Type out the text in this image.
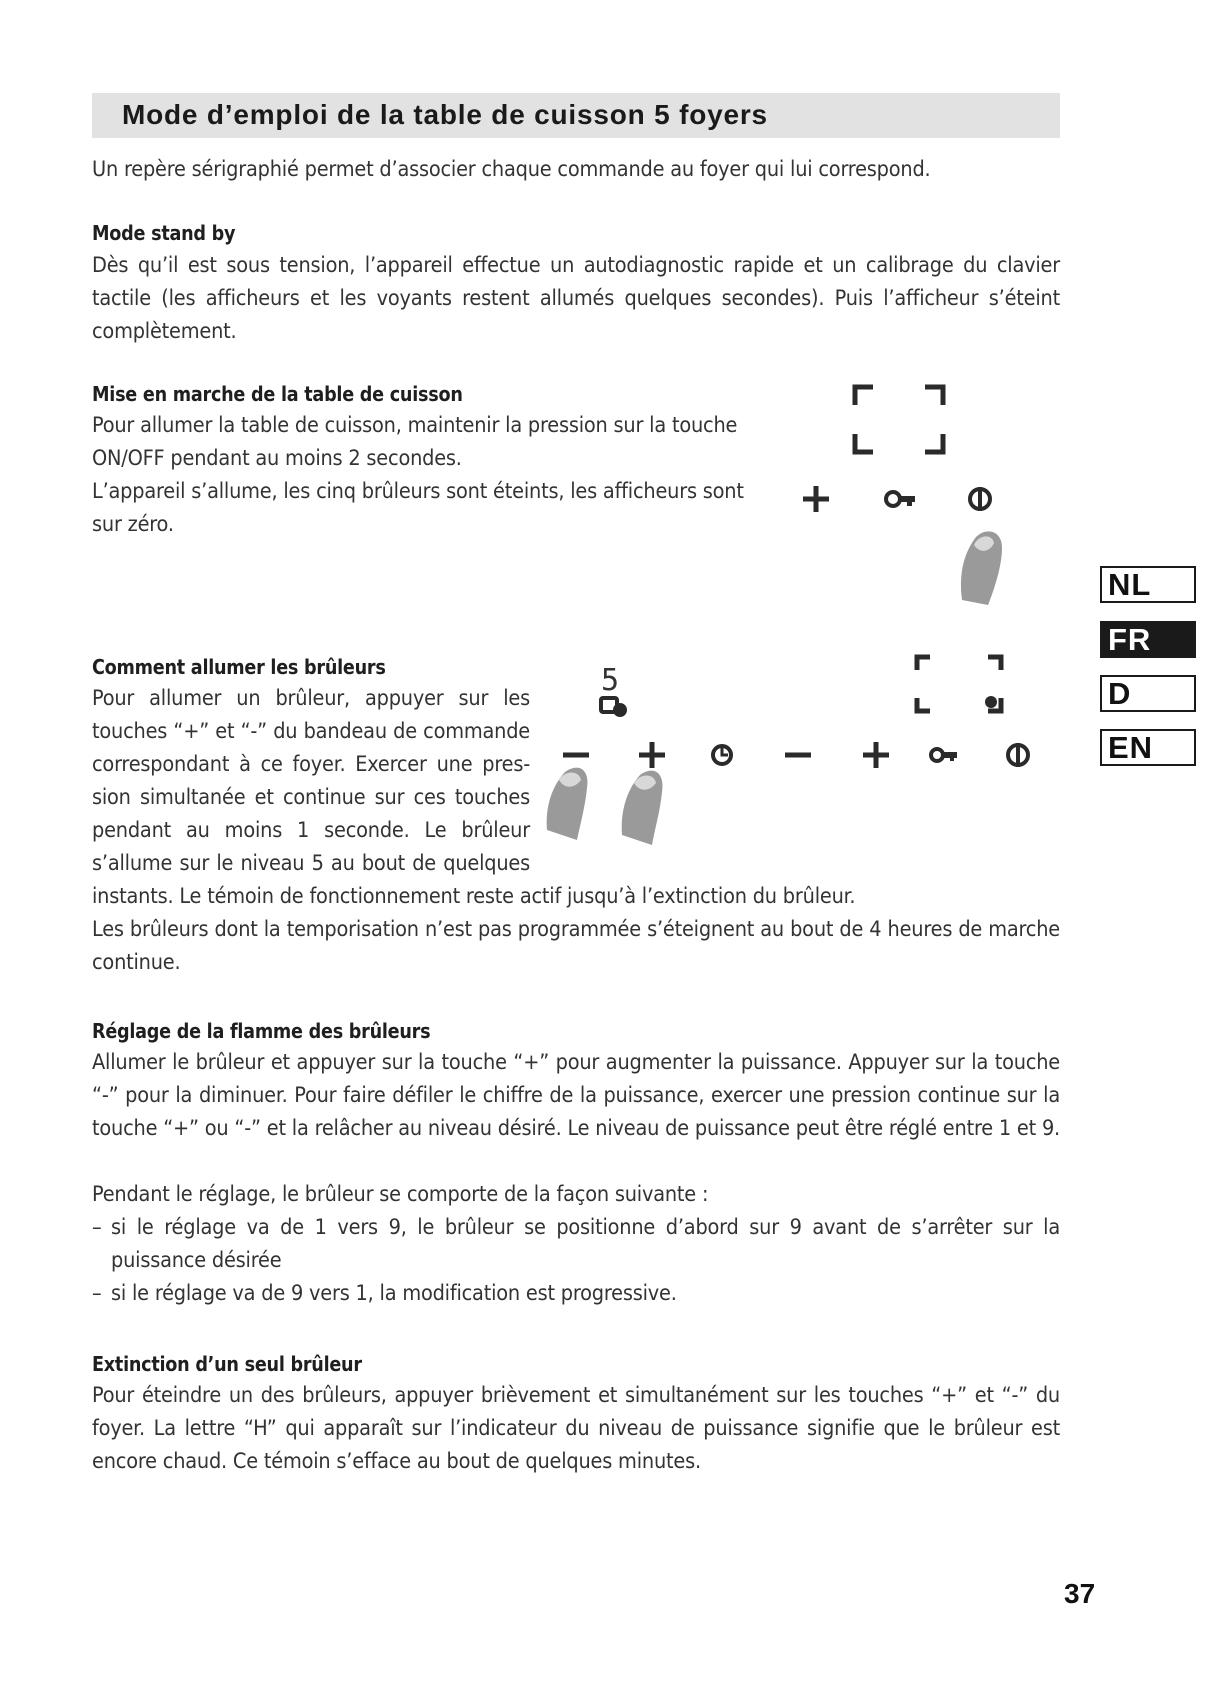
Mode d’emploi de la table de cuisson 5 foyers
Un repère sérigraphié permet d’associer chaque commande au foyer qui lui correspond.
Mode stand by
Dès qu’il est sous tension, l’appareil effectue un autodiagnostic rapide et un calibrage du clavier tactile (les afficheurs et les voyants restent allumés quelques secondes). Puis l’afficheur s’éteint complètement.
Mise en marche de la table de cuisson
Pour allumer la table de cuisson, maintenir la pression sur la touche
ON/OFF pendant au moins 2 secondes.
L’appareil s’allume, les cinq brûleurs sont éteints, les afficheurs sont
sur zéro.
Comment allumer les brûleurs
Pour allumer un brûleur, appuyer sur les
touches “+” et “-” du bandeau de commande
correspondant à ce foyer. Exercer une pres-
sion simultanée et continue sur ces touches
pendant au moins 1 seconde. Le brûleur
s’allume sur le niveau 5 au bout de quelques
instants. Le témoin de fonctionnement reste actif jusqu’à l’extinction du brûleur.
Les brûleurs dont la temporisation n’est pas programmée s’éteignent au bout de 4 heures de marche continue.
5
Réglage de la flamme des brûleurs
Allumer le brûleur et appuyer sur la touche “+” pour augmenter la puissance. Appuyer sur la touche “-” pour la diminuer. Pour faire défiler le chiffre de la puissance, exercer une pression continue sur la touche “+” ou “-” et la relâcher au niveau désiré. Le niveau de puissance peut être réglé entre 1 et 9.
Pendant le réglage, le brûleur se comporte de la façon suivante :
– si le réglage va de 1 vers 9, le brûleur se positionne d’abord sur 9 avant de s’arrêter sur la puissance désirée
– si le réglage va de 9 vers 1, la modification est progressive.
Extinction d’un seul brûleur
Pour éteindre un des brûleurs, appuyer brièvement et simultanément sur les touches “+” et “-” du foyer. La lettre “H” qui apparaît sur l’indicateur du niveau de puissance signifie que le brûleur est encore chaud. Ce témoin s’efface au bout de quelques minutes.
NL
FR
D
EN
37
